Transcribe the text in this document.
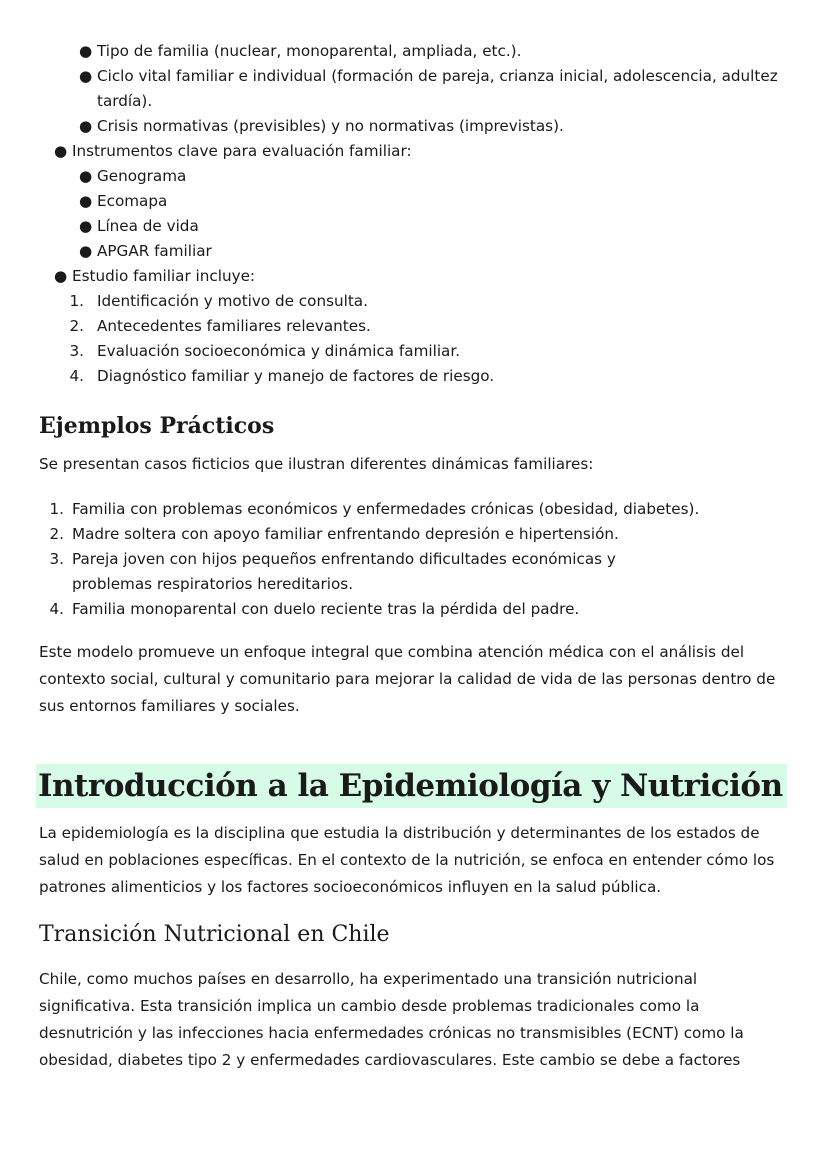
● Tipo de familia (nuclear, monoparental, ampliada, etc.).
● Ciclo vital familiar e individual (formación de pareja, crianza inicial, adolescencia, adultez tardía).
● Crisis normativas (previsibles) y no normativas (imprevistas).
● Instrumentos clave para evaluación familiar:
● Genograma
● Ecomapa
● Línea de vida
● APGAR familiar
● Estudio familiar incluye:
1. Identificación y motivo de consulta.
2. Antecedentes familiares relevantes.
3. Evaluación socioeconómica y dinámica familiar.
4. Diagnóstico familiar y manejo de factores de riesgo.
Ejemplos Prácticos

Se presentan casos ficticios que ilustran diferentes dinámicas familiares:

1. Familia con problemas económicos y enfermedades crónicas (obesidad, diabetes).
2. Madre soltera con apoyo familiar enfrentando depresión e hipertensión.
3. Pareja joven con hijos pequeños enfrentando dificultades económicas y problemas respiratorios hereditarios.
4. Familia monoparental con duelo reciente tras la pérdida del padre.

Este modelo promueve un enfoque integral que combina atención médica con el análisis del contexto social, cultural y comunitario para mejorar la calidad de vida de las personas dentro de sus entornos familiares y sociales.

Introducción a la Epidemiología y Nutrición

La epidemiología es la disciplina que estudia la distribución y determinantes de los estados de salud en poblaciones específicas. En el contexto de la nutrición, se enfoca en entender cómo los patrones alimenticios y los factores socioeconómicos influyen en la salud pública.

Transición Nutricional en Chile

Chile, como muchos países en desarrollo, ha experimentado una transición nutricional significativa. Esta transición implica un cambio desde problemas tradicionales como la desnutrición y las infecciones hacia enfermedades crónicas no transmisibles (ECNT) como la obesidad, diabetes tipo 2 y enfermedades cardiovasculares. Este cambio se debe a factores
